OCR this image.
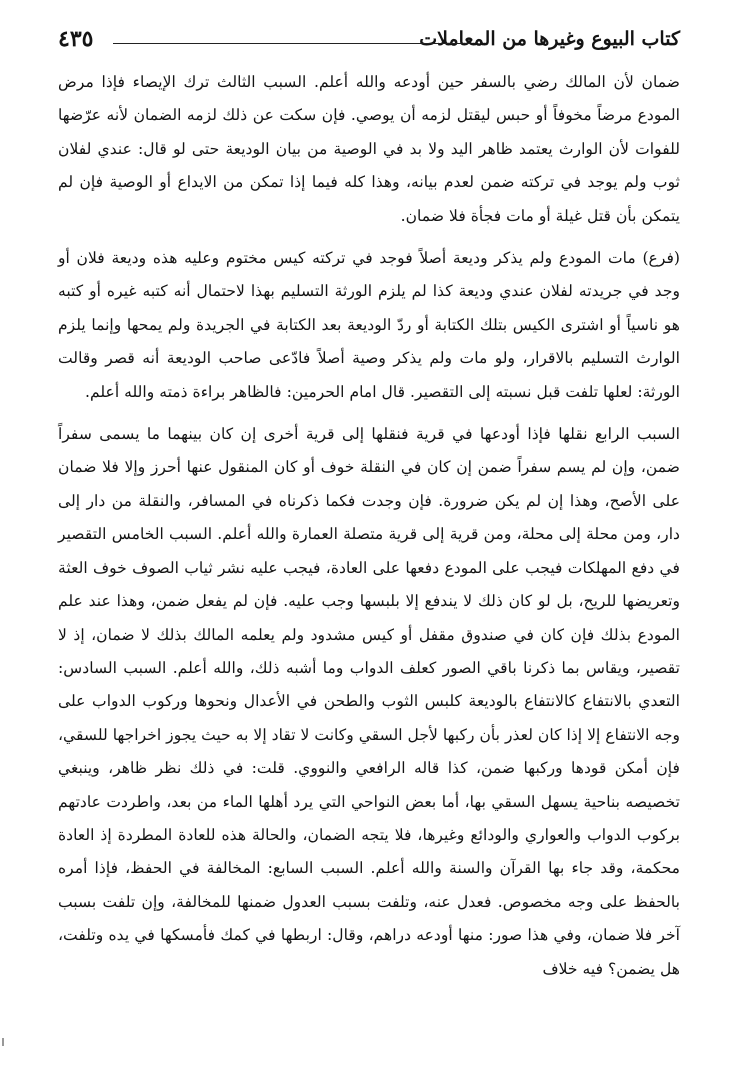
كتاب البيوع وغيرها من المعاملات
٤٣٥

ضمان لأن المالك رضي بالسفر حين أودعه والله أعلم. السبب الثالث ترك الإيصاء فإذا مرض المودع مرضاً مخوفاً أو حبس ليقتل لزمه أن يوصي. فإن سكت عن ذلك لزمه الضمان لأنه عرّضها للفوات لأن الوارث يعتمد ظاهر اليد ولا بد في الوصية من بيان الوديعة حتى لو قال: عندي لفلان ثوب ولم يوجد في تركته ضمن لعدم بيانه، وهذا كله فيما إذا تمكن من الايداع أو الوصية فإن لم يتمكن بأن قتل غيلة أو مات فجأة فلا ضمان.

(فرع) مات المودع ولم يذكر وديعة أصلاً فوجد في تركته كيس مختوم وعليه هذه وديعة فلان أو وجد في جريدته لفلان عندي وديعة كذا لم يلزم الورثة التسليم بهذا لاحتمال أنه كتبه غيره أو كتبه هو ناسياً أو اشترى الكيس بتلك الكتابة أو ردّ الوديعة بعد الكتابة في الجريدة ولم يمحها وإنما يلزم الوارث التسليم بالاقرار، ولو مات ولم يذكر وصية أصلاً فادّعى صاحب الوديعة أنه قصر وقالت الورثة: لعلها تلفت قبل نسبته إلى التقصير. قال امام الحرمين: فالظاهر براءة ذمته والله أعلم.

السبب الرابع نقلها فإذا أودعها في قرية فنقلها إلى قرية أخرى إن كان بينهما ما يسمى سفراً ضمن، وإن لم يسم سفراً ضمن إن كان في النقلة خوف أو كان المنقول عنها أحرز وإلا فلا ضمان على الأصح، وهذا إن لم يكن ضرورة. فإن وجدت فكما ذكرناه في المسافر، والنقلة من دار إلى دار، ومن محلة إلى محلة، ومن قرية إلى قرية متصلة العمارة والله أعلم. السبب الخامس التقصير في دفع المهلكات فيجب على المودع دفعها على العادة، فيجب عليه نشر ثياب الصوف خوف العثة وتعريضها للريح، بل لو كان ذلك لا يندفع إلا بلبسها وجب عليه. فإن لم يفعل ضمن، وهذا عند علم المودع بذلك فإن كان في صندوق مقفل أو كيس مشدود ولم يعلمه المالك بذلك لا ضمان، إذ لا تقصير، ويقاس بما ذكرنا باقي الصور كعلف الدواب وما أشبه ذلك، والله أعلم. السبب السادس: التعدي بالانتفاع كالانتفاع بالوديعة كلبس الثوب والطحن في الأعدال ونحوها وركوب الدواب على وجه الانتفاع إلا إذا كان لعذر بأن ركبها لأجل السقي وكانت لا تقاد إلا به حيث يجوز اخراجها للسقي، فإن أمكن قودها وركبها ضمن، كذا قاله الرافعي والنووي. قلت: في ذلك نظر ظاهر، وينبغي تخصيصه بناحية يسهل السقي بها، أما بعض النواحي التي يرد أهلها الماء من بعد، واطردت عادتهم بركوب الدواب والعواري والودائع وغيرها، فلا يتجه الضمان، والحالة هذه للعادة المطردة إذ العادة محكمة، وقد جاء بها القرآن والسنة والله أعلم. السبب السابع: المخالفة في الحفظ، فإذا أمره بالحفظ على وجه مخصوص. فعدل عنه، وتلفت بسبب العدول ضمنها للمخالفة، وإن تلفت بسبب آخر فلا ضمان، وفي هذا صور: منها أودعه دراهم، وقال: اربطها في كمك فأمسكها في يده وتلفت، هل يضمن؟ فيه خلاف
